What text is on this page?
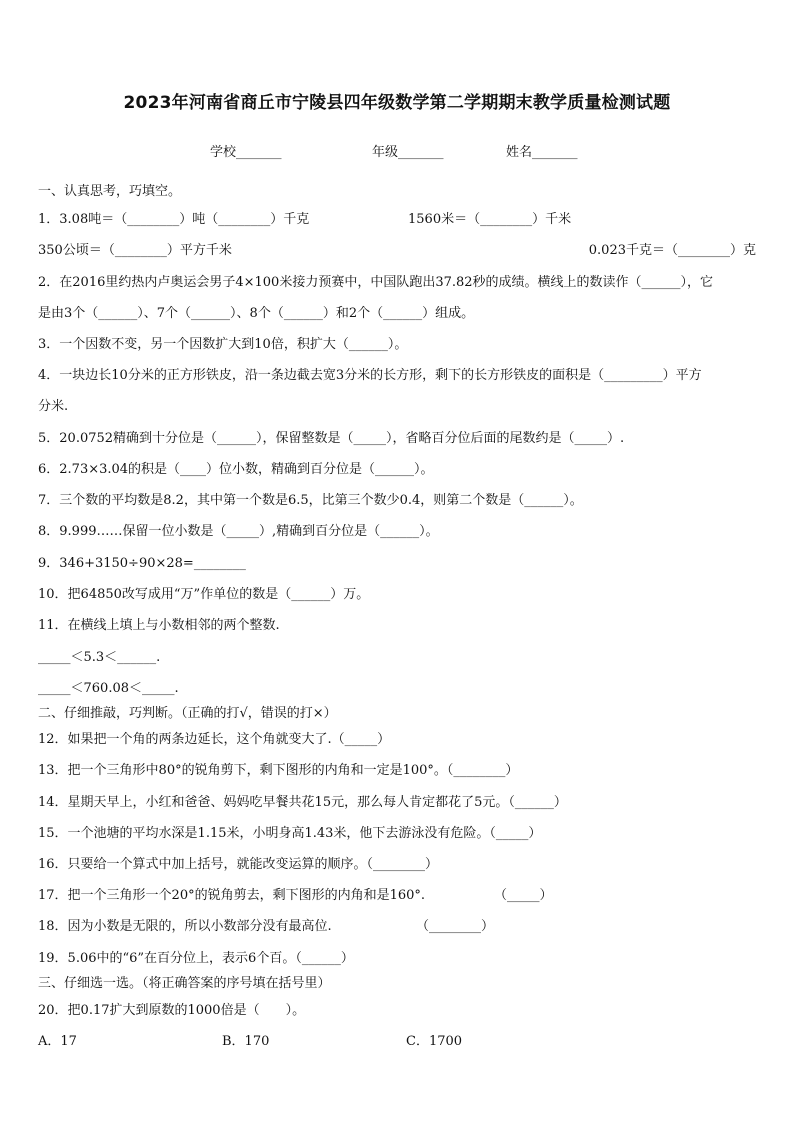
2023年河南省商丘市宁陵县四年级数学第二学期期末教学质量检测试题
学校_______	年级_______	姓名_______
一、认真思考，巧填空。
1．3.08吨＝（________）吨（________）千克	1560米＝（________）千米
350公顷＝（________）平方千米	0.023千克＝（________）克
2．在2016里约热内卢奥运会男子4×100米接力预赛中，中国队跑出37.82秒的成绩。横线上的数读作（______），它
是由3个（______）、7个（______）、8个（______）和2个（______）组成。
3．一个因数不变，另一个因数扩大到10倍，积扩大（______）。
4．一块边长10分米的正方形铁皮，沿一条边截去宽3分米的长方形，剩下的长方形铁皮的面积是（_________）平方
分米.
5．20.0752精确到十分位是（______），保留整数是（_____），省略百分位后面的尾数约是（_____）.
6．2.73×3.04的积是（____）位小数，精确到百分位是（______）。
7．三个数的平均数是8.2，其中第一个数是6.5，比第三个数少0.4，则第二个数是（______）。
8．9.999……保留一位小数是（_____）,精确到百分位是（______）。
9．346+3150÷90×28=________
10．把64850改写成用“万”作单位的数是（______）万。
11．在横线上填上与小数相邻的两个整数.
_____＜5.3＜______.
_____＜760.08＜_____.
二、仔细推敲，巧判断。（正确的打√，错误的打×）
12．如果把一个角的两条边延长，这个角就变大了.（_____）
13．把一个三角形中80°的锐角剪下，剩下图形的内角和一定是100°。（________）
14．星期天早上，小红和爸爸、妈妈吃早餐共花15元，那么每人肯定都花了5元。（______）
15．一个池塘的平均水深是1.15米，小明身高1.43米，他下去游泳没有危险。（_____）
16．只要给一个算式中加上括号，就能改变运算的顺序。（________）
17．把一个三角形一个20°的锐角剪去，剩下图形的内角和是160°.	（_____）
18．因为小数是无限的，所以小数部分没有最高位.	（________）
19．5.06中的“6”在百分位上，表示6个百。（______）
三、仔细选一选。（将正确答案的序号填在括号里）
20．把0.17扩大到原数的1000倍是（　　）。
A．17	B．170	C．1700
